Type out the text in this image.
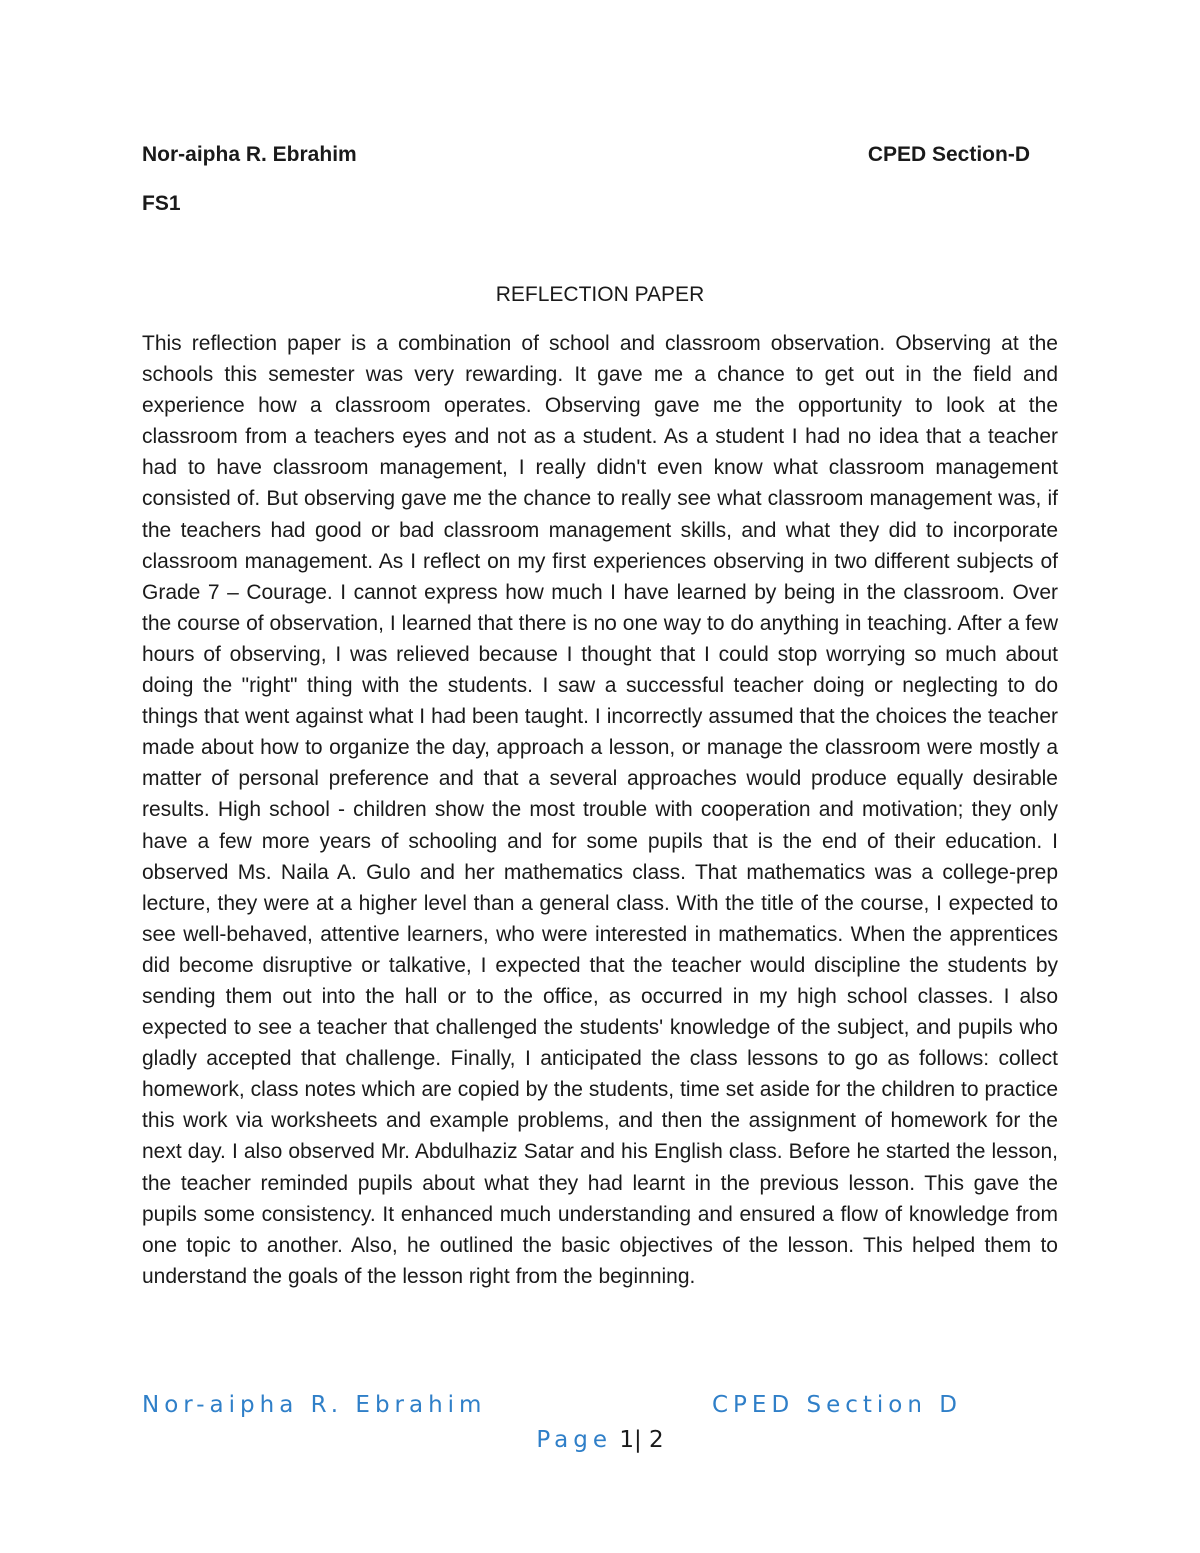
Nor-aipha R. Ebrahim	CPED Section-D
FS1
REFLECTION PAPER

This reflection paper is a combination of school and classroom observation. Observing at the schools this semester was very rewarding. It gave me a chance to get out in the field and experience how a classroom operates. Observing gave me the opportunity to look at the classroom from a teachers eyes and not as a student. As a student I had no idea that a teacher had to have classroom management, I really didn't even know what classroom management consisted of. But observing gave me the chance to really see what classroom management was, if the teachers had good or bad classroom management skills, and what they did to incorporate classroom management. As I reflect on my first experiences observing in two different subjects of Grade 7 – Courage. I cannot express how much I have learned by being in the classroom. Over the course of observation, I learned that there is no one way to do anything in teaching. After a few hours of observing, I was relieved because I thought that I could stop worrying so much about doing the "right" thing with the students. I saw a successful teacher doing or neglecting to do things that went against what I had been taught. I incorrectly assumed that the choices the teacher made about how to organize the day, approach a lesson, or manage the classroom were mostly a matter of personal preference and that a several approaches would produce equally desirable results. High school - children show the most trouble with cooperation and motivation; they only have a few more years of schooling and for some pupils that is the end of their education. I observed Ms. Naila A. Gulo and her mathematics class. That mathematics was a college-prep lecture, they were at a higher level than a general class. With the title of the course, I expected to see well-behaved, attentive learners, who were interested in mathematics. When the apprentices did become disruptive or talkative, I expected that the teacher would discipline the students by sending them out into the hall or to the office, as occurred in my high school classes. I also expected to see a teacher that challenged the students' knowledge of the subject, and pupils who gladly accepted that challenge. Finally, I anticipated the class lessons to go as follows: collect homework, class notes which are copied by the students, time set aside for the children to practice this work via worksheets and example problems, and then the assignment of homework for the next day. I also observed Mr. Abdulhaziz Satar and his English class. Before he started the lesson, the teacher reminded pupils about what they had learnt in the previous lesson. This gave the pupils some consistency. It enhanced much understanding and ensured a flow of knowledge from one topic to another. Also, he outlined the basic objectives of the lesson. This helped them to understand the goals of the lesson right from the beginning.

Nor-aipha R. Ebrahim	CPED Section D
Page 1| 2
